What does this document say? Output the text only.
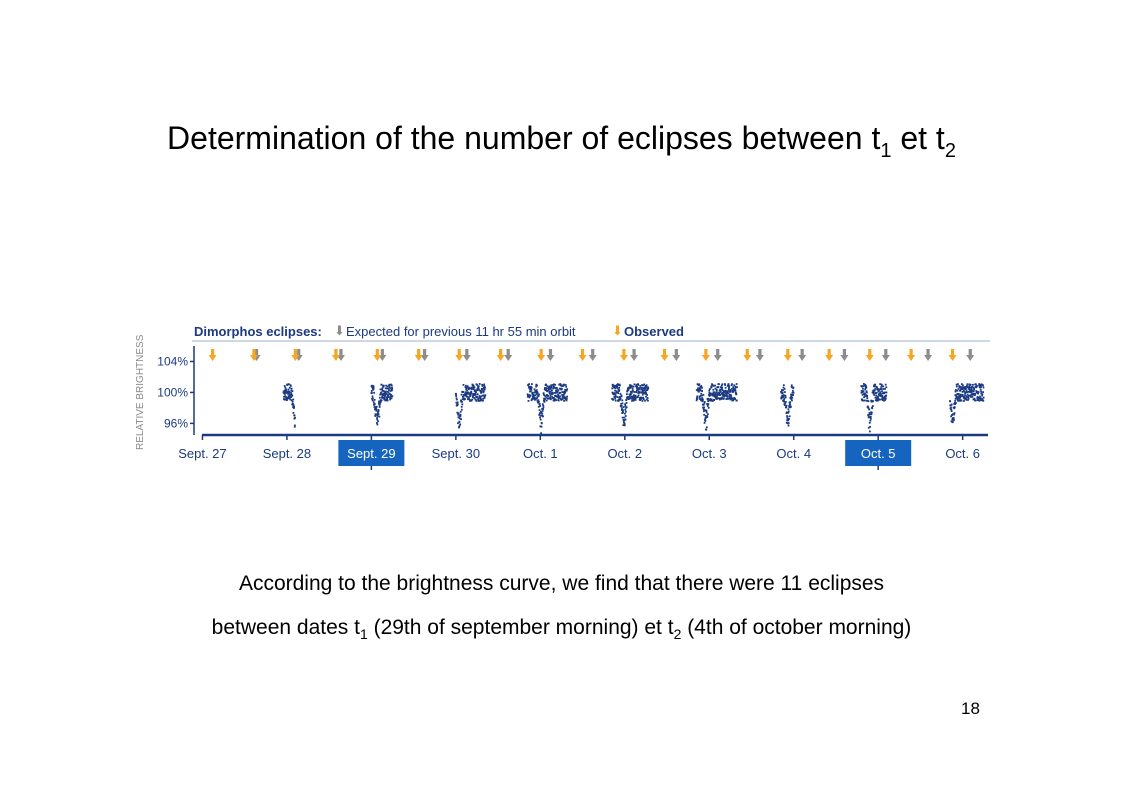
Determination of the number of eclipses between $t_1$ et $t_2$
Dimorphos eclipses: ⬇ Expected for previous 11 hr 55 min orbit	⬇ Observed
RELATIVE BRIGHTNESS 104%
100%
96%
Sept. 27	Sept. 28	Sept. 29	Sept. 30	Oct. 1	Oct. 2	Oct. 3	Oct. 4	Oct. 5	Oct. 6
According to the brightness curve, we find that there were 11 eclipses
between dates $t_1$ (29th of september morning) et $t_2$ (4th of october morning)
18
